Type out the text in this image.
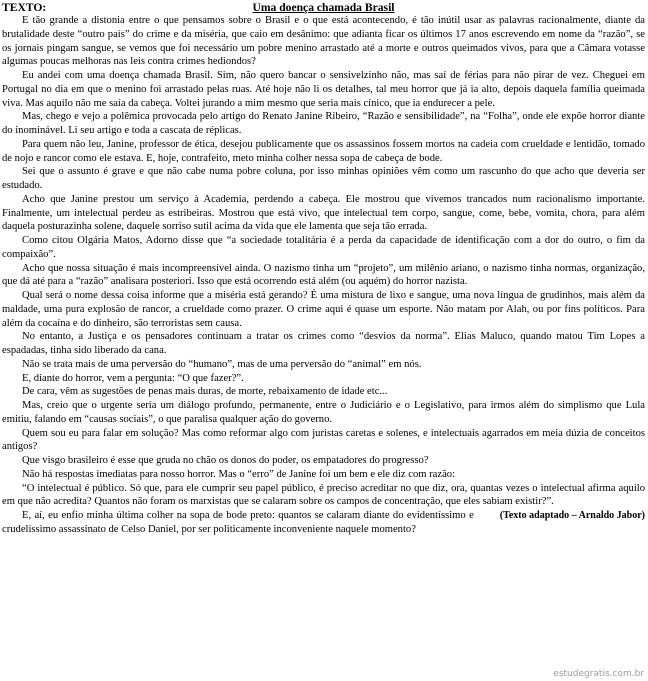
Uma doença chamada Brasil
TEXTO:

E tão grande a distonia entre o que pensamos sobre o Brasil e o que está acontecendo, é tão inútil usar as palavras racionalmente, diante da brutalidade deste “outro país” do crime e da miséria, que caio em desânimo: que adianta ficar os últimos 17 anos escrevendo em nome da “razão”, se os jornais pingam sangue, se vemos que foi necessário um pobre menino arrastado até a morte e outros queimados vivos, para que a Câmara votasse algumas poucas melhoras nas leis contra crimes hediondos?

Eu andei com uma doença chamada Brasil. Sim, não quero bancar o sensivelzinho não, mas saí de férias para não pirar de vez. Cheguei em Portugal no dia em que o menino foi arrastado pelas ruas. Até hoje não li os detalhes, tal meu horror que já ia alto, depois daquela família queimada viva. Mas aquilo não me saía da cabeça. Voltei jurando a mim mesmo que seria mais cínico, que ia endurecer a pele.

Mas, chego e vejo a polêmica provocada pelo artigo do Renato Janine Ribeiro, “Razão e sensibilidade”, na “Folha”, onde ele expõe horror diante do inominável. Li seu artigo e toda a cascata de réplicas.

Para quem não leu, Janine, professor de ética, desejou publicamente que os assassinos fossem mortos na cadeia com crueldade e lentidão, tomado de nojo e rancor como ele estava. E, hoje, contrafeito, meto minha colher nessa sopa de cabeça de bode.

Sei que o assunto é grave e que não cabe numa pobre coluna, por isso minhas opiniões vêm como um rascunho do que acho que deveria ser estudado.

Acho que Janine prestou um serviço à Academia, perdendo a cabeça. Ele mostrou que vivemos trancados num racionalismo importante. Finalmente, um intelectual perdeu as estribeiras. Mostrou que está vivo, que intelectual tem corpo, sangue, come, bebe, vomita, chora, para além daquela posturazinha solene, daquele sorriso sutil acima da vida que ele lamenta que seja tão errada.

Como citou Olgária Matos, Adorno disse que “a sociedade totalitária é a perda da capacidade de identificação com a dor do outro, o fim da compaixão”.

Acho que nossa situação é mais incompreensível ainda. O nazismo tinha um “projeto”, um milênio ariano, o nazismo tinha normas, organização, que dá até para a “razão” analisara posteriori. Isso que está ocorrendo está além (ou aquém) do horror nazista.

Qual será o nome dessa coisa informe que a miséria está gerando? É uma mistura de lixo e sangue, uma nova língua de grudinhos, mais além da maldade, uma pura explosão de rancor, a crueldade como prazer. O crime aqui é quase um esporte. Não matam por Alah, ou por fins políticos. Para além da cocaína e do dinheiro, são terroristas sem causa.

No entanto, a Justiça e os pensadores continuam a tratar os crimes como “desvios da norma”. Elias Maluco, quando matou Tim Lopes a espadadas, tinha sido liberado da cana.

Não se trata mais de uma perversão do “humano”, mas de uma perversão do “animal” em nós.

E, diante do horror, vem a pergunta: “O que fazer?”.

De cara, vêm as sugestões de penas mais duras, de morte, rebaixamento de idade etc...

Mas, creio que o urgente seria um diálogo profundo, permanente, entre o Judiciário e o Legislativo, para irmos além do simplismo que Lula emitiu, falando em “causas sociais”, o que paralisa qualquer ação do governo.

Quem sou eu para falar em solução? Mas como reformar algo com juristas caretas e solenes, e intelectuais agarrados em meia dúzia de conceitos antigos?

Que visgo brasileiro é esse que gruda no chão os donos do poder, os empatadores do progresso?

Não há respostas imediatas para nosso horror. Mas o “erro” de Janine foi um bem e ele diz com razão:

“O intelectual é público. Só que, para ele cumprir seu papel público, é preciso acreditar no que diz, ora, quantas vezes o intelectual afirma aquilo em que não acredita? Quantos não foram os marxistas que se calaram sobre os campos de concentração, que eles sabiam existir?”.

(Texto adaptado – Arnaldo Jabor)
E, aí, eu enfio minha última colher na sopa de bode preto: quantos se calaram diante do evidentíssimo e crudelíssimo assassinato de Celso Daniel, por ser politicamente inconveniente naquele momento?

estudegratis.com.br
